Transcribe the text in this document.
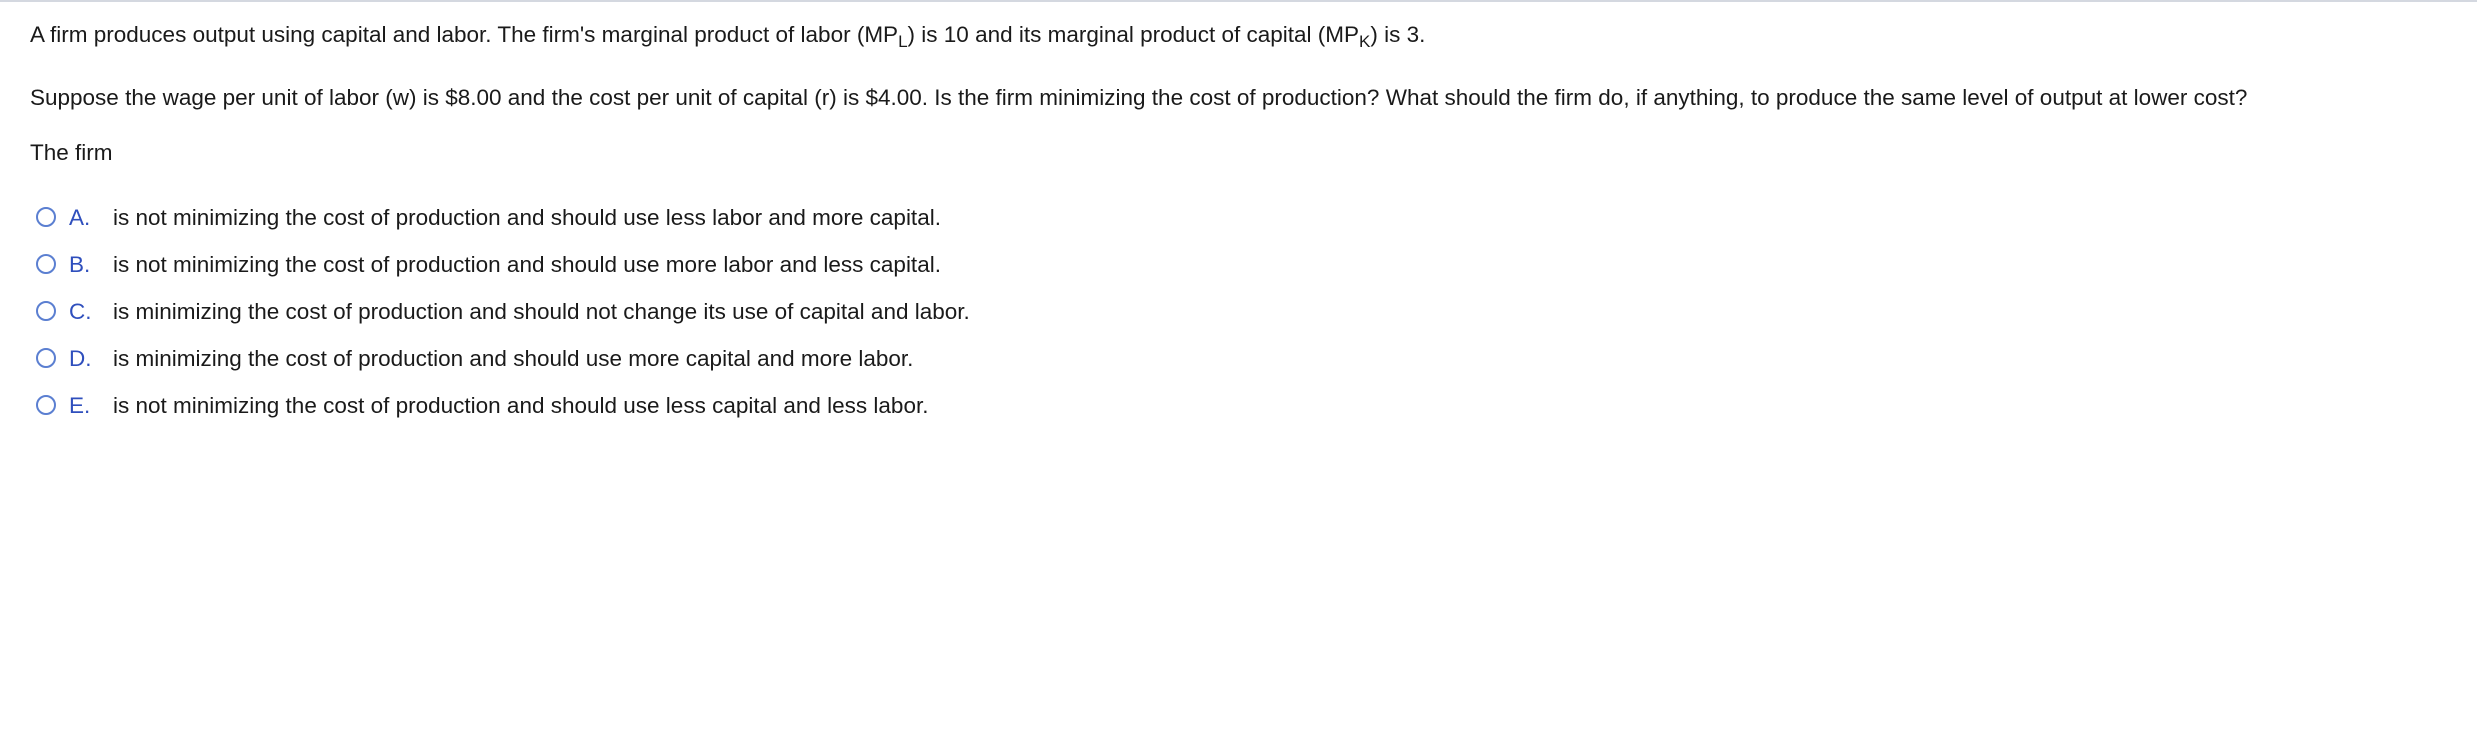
A firm produces output using capital and labor. The firm's marginal product of labor $(MP_L)$ is 10 and its marginal product of capital $(MP_K)$ is 3.
Suppose the wage per unit of labor (w) is $8.00 and the cost per unit of capital (r) is $4.00. Is the firm minimizing the cost of production? What should the firm do, if anything, to produce the same level of output at lower cost?
The firm
A. is not minimizing the cost of production and should use less labor and more capital.
B. is not minimizing the cost of production and should use more labor and less capital.
C. is minimizing the cost of production and should not change its use of capital and labor.
D. is minimizing the cost of production and should use more capital and more labor.
E. is not minimizing the cost of production and should use less capital and less labor.
